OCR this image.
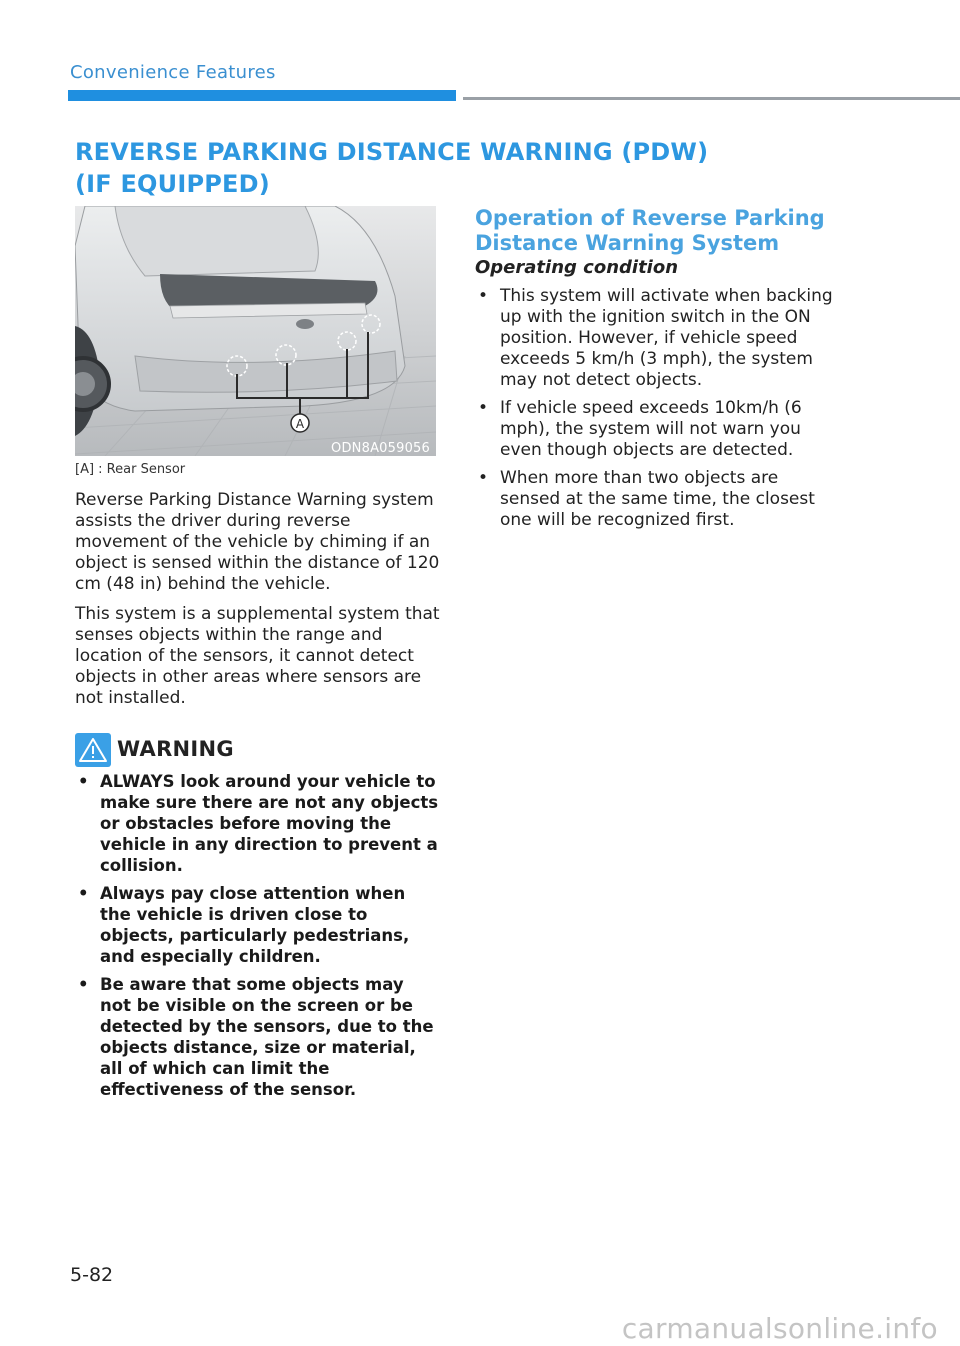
Convenience Features
REVERSE PARKING DISTANCE WARNING (PDW)
(IF EQUIPPED)
A
ODN8A059056
[A] : Rear Sensor

Reverse Parking Distance Warning system assists the driver during reverse movement of the vehicle by chiming if an object is sensed within the distance of 120 cm (48 in) behind the vehicle.

This system is a supplemental system that senses objects within the range and location of the sensors, it cannot detect objects in other areas where sensors are not installed.

WARNING
• ALWAYS look around your vehicle to make sure there are not any objects or obstacles before moving the vehicle in any direction to prevent a collision.
• Always pay close attention when the vehicle is driven close to objects, particularly pedestrians, and especially children.
• Be aware that some objects may not be visible on the screen or be detected by the sensors, due to the objects distance, size or material, all of which can limit the effectiveness of the sensor.
Operation of Reverse Parking Distance Warning System
Operating condition
• This system will activate when backing up with the ignition switch in the ON position. However, if vehicle speed exceeds 5 km/h (3 mph), the system may not detect objects.
• If vehicle speed exceeds 10km/h (6 mph), the system will not warn you even though objects are detected.
• When more than two objects are sensed at the same time, the closest one will be recognized first.
5-82
carmanualsonline.info
